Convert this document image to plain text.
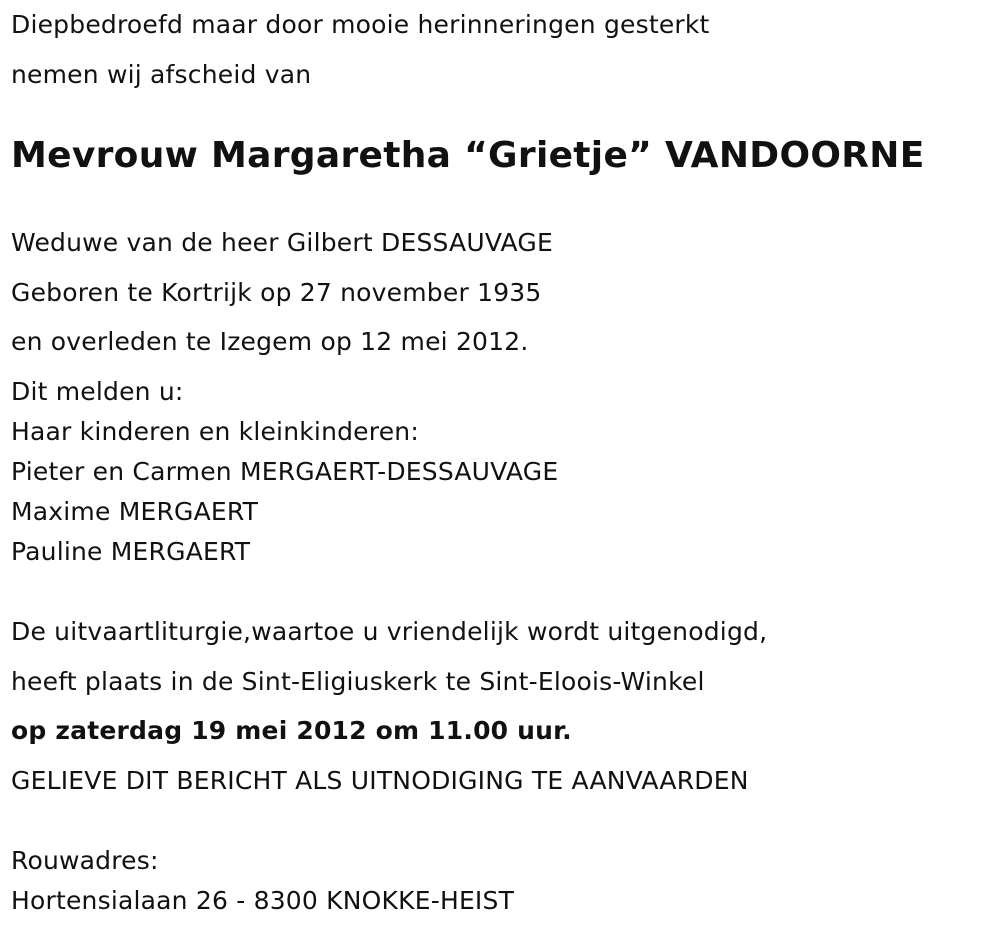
Diepbedroefd maar door mooie herinneringen gesterkt
nemen wij afscheid van
Mevrouw Margaretha “Grietje” VANDOORNE
Weduwe van de heer Gilbert DESSAUVAGE
Geboren te Kortrijk op 27 november 1935
en overleden te Izegem op 12 mei 2012.
Dit melden u:
Haar kinderen en kleinkinderen:
Pieter en Carmen MERGAERT-DESSAUVAGE
Maxime MERGAERT
Pauline MERGAERT
De uitvaartliturgie,waartoe u vriendelijk wordt uitgenodigd,
heeft plaats in de Sint-Eligiuskerk te Sint-Eloois-Winkel
op zaterdag 19 mei 2012 om 11.00 uur.
GELIEVE DIT BERICHT ALS UITNODIGING TE AANVAARDEN
Rouwadres:
Hortensialaan 26 - 8300 KNOKKE-HEIST
